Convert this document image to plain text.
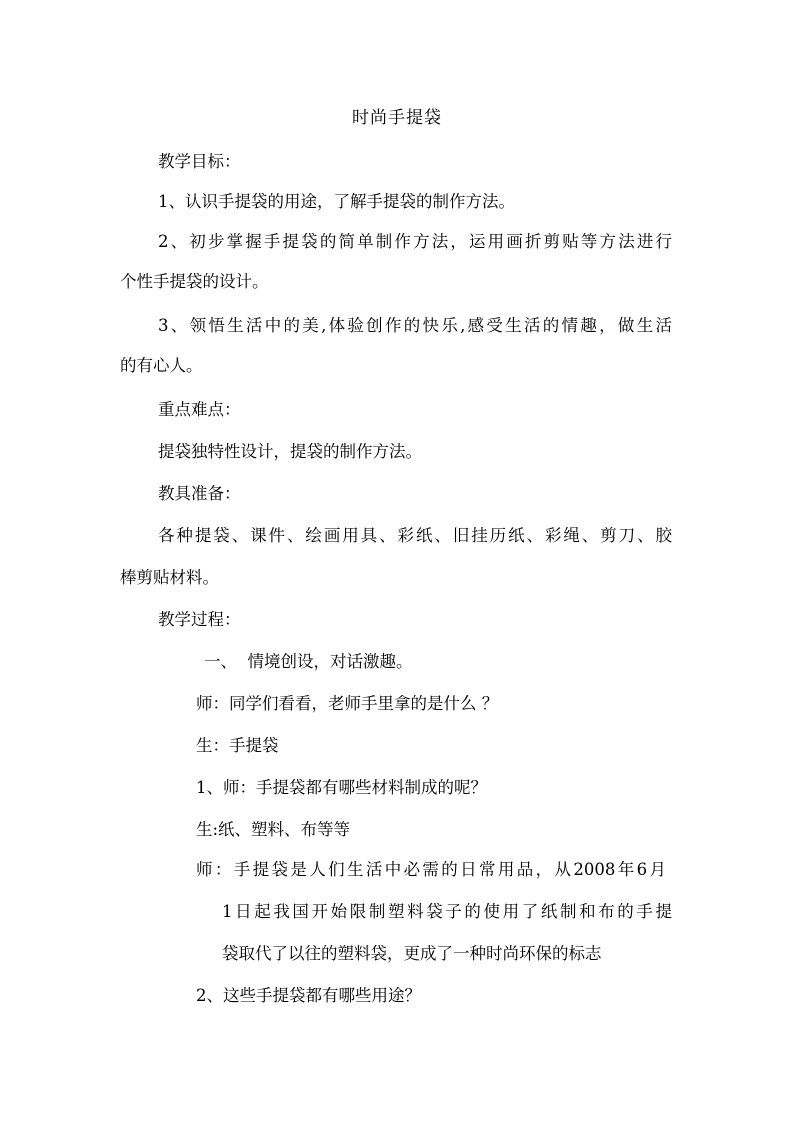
时尚手提袋
教学目标：
1、认识手提袋的用途，了解手提袋的制作方法。
2、初步掌握手提袋的简单制作方法，运用画折剪贴等方法进行
个性手提袋的设计。
3、领悟生活中的美,体验创作的快乐,感受生活的情趣，做生活
的有心人。
重点难点：
提袋独特性设计，提袋的制作方法。
教具准备：
各种提袋、课件、绘画用具、彩纸、旧挂历纸、彩绳、剪刀、胶
棒剪贴材料。
教学过程：
一、  情境创设，对话激趣。
师：同学们看看，老师手里拿的是什么 ？
生：手提袋
1、师：手提袋都有哪些材料制成的呢？
生:纸、塑料、布等等
师：手提袋是人们生活中必需的日常用品，从2008年6月
1日起我国开始限制塑料袋子的使用了纸制和布的手提
袋取代了以往的塑料袋，更成了一种时尚环保的标志
2、这些手提袋都有哪些用途？
